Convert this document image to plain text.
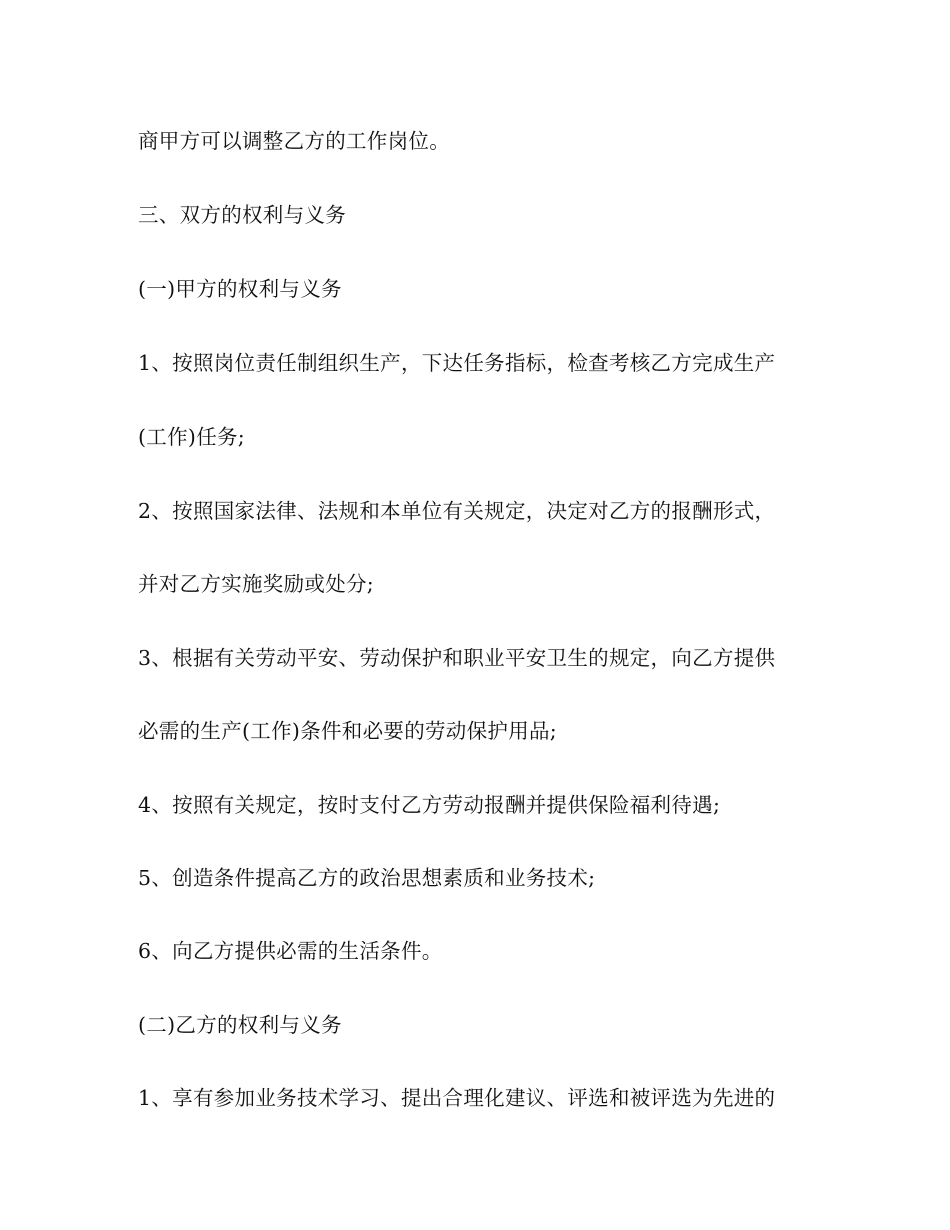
商甲方可以调整乙方的工作岗位。

三、双方的权利与义务

(一)甲方的权利与义务

1、按照岗位责任制组织生产，下达任务指标，检查考核乙方完成生产

(工作)任务;

2、按照国家法律、法规和本单位有关规定，决定对乙方的报酬形式，

并对乙方实施奖励或处分;

3、根据有关劳动平安、劳动保护和职业平安卫生的规定，向乙方提供

必需的生产(工作)条件和必要的劳动保护用品;

4、按照有关规定，按时支付乙方劳动报酬并提供保险福利待遇;

5、创造条件提高乙方的政治思想素质和业务技术;

6、向乙方提供必需的生活条件。

(二)乙方的权利与义务

1、享有参加业务技术学习、提出合理化建议、评选和被评选为先进的
